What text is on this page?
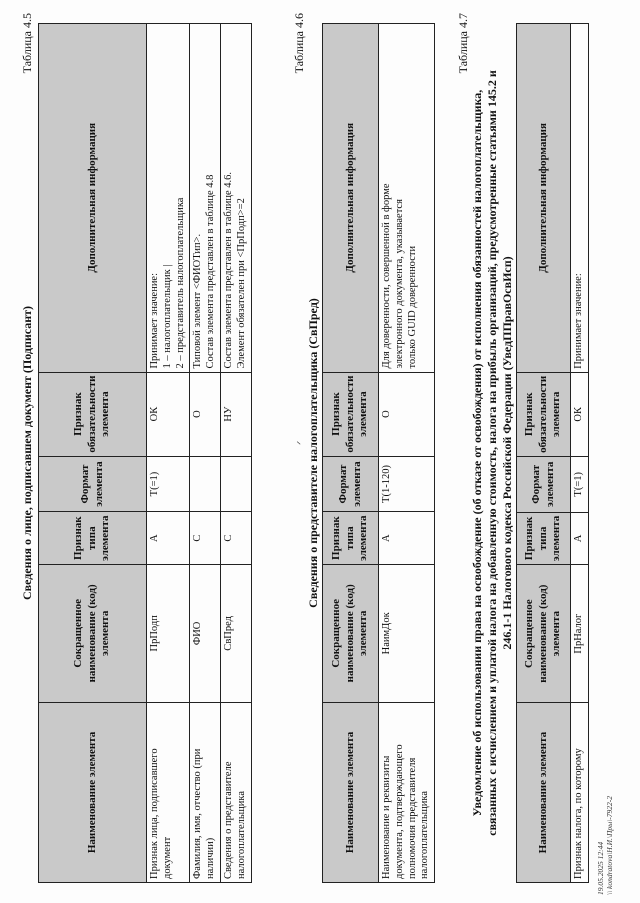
Таблица 4.5
Сведения о лице, подписавшем документ (Подписант)
Наименование элемента	Сокращенное
наименование (код)
элемента	Признак
типа
элемента	Формат
элемента	Признак
обязательности
элемента	Дополнительная информация
Признак лица, подписавшего
документ	ПрПодп	А	T(=1)	ОК	Принимает значение:
1 – налогоплательщик |
2 – представитель налогоплательщика
Фамилия, имя, отчество (при
наличии)	ФИО	С		О	Типовой элемент <ФИОТип>.
Состав элемента представлен в таблице 4.8
Сведения о представителе
налогоплательщика	СвПред	С		НУ	Состав элемента представлен в таблице 4.6.
Элемент обязателен при <ПрПодп>=2
ᐟ
Таблица 4.6
Сведения о представителе налогоплательщика (СвПред)
Наименование элемента	Сокращенное
наименование (код)
элемента	Признак
типа
элемента	Формат
элемента	Признак
обязательности
элемента	Дополнительная информация
Наименование и реквизиты
документа, подтверждающего
полномочия представителя
налогоплательщика	НаимДок	А	T(1-120)	О	Для доверенности, совершенной в форме
электронного документа, указывается
только GUID доверенности
Таблица 4.7
Уведомление об использовании права на освобождение (об отказе от освобождения) от исполнения обязанностей налогоплательщика, связанных с исчислением и уплатой налога на добавленную стоимость, налога на прибыль организаций, предусмотренные статьями 145.2 и 246.1-1 Налогового кодекса Российской Федерации (УведППравОсвИсп)
Наименование элемента	Сокращенное
наименование (код)
элемента	Признак
типа
элемента	Формат
элемента	Признак
обязательности
элемента	Дополнительная информация
Признак налога, по которому	ПрНалог	А	T(=1)	ОК	Принимает значение:
19.05.2025 12:44 \\ kondratova\Н.И.\Пры\-7922-2
